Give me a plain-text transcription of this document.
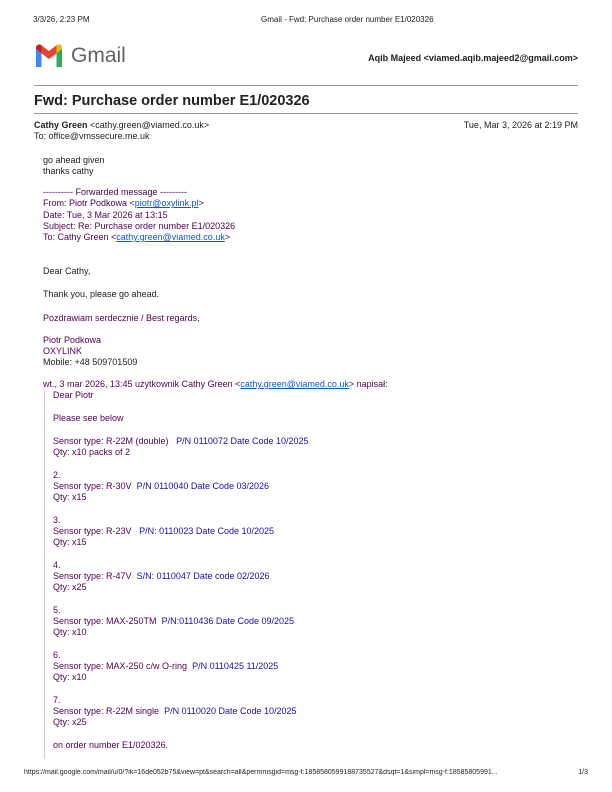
3/3/26, 2:23 PM	Gmail - Fwd: Purchase order number E1/020326
Gmail	Aqib Majeed <viamed.aqib.majeed2@gmail.com>
Fwd: Purchase order number E1/020326
Cathy Green <cathy.green@viamed.co.uk>	Tue, Mar 3, 2026 at 2:19 PM
To: office@vmssecure.me.uk
go ahead given
thanks cathy
---------- Forwarded message ---------
From: Piotr Podkowa <piotr@oxylink.pl>
Date: Tue, 3 Mar 2026 at 13:15
Subject: Re: Purchase order number E1/020326
To: Cathy Green <cathy.green@viamed.co.uk>
Dear Cathy,
Thank you, please go ahead.
Pozdrawiam serdecznie / Best regards,
Piotr Podkowa
OXYLINK
Mobile: +48 509701509
wt., 3 mar 2026, 13:45 użytkownik Cathy Green <cathy.green@viamed.co.uk> napisał:
Dear Piotr
Please see below
Sensor type: R-22M (double) P/N 0110072 Date Code 10/2025
Qty: x10 packs of 2
2.
Sensor type: R-30V P/N 0110040 Date Code 03/2026
Qty: x15
3.
Sensor type: R-23V P/N: 0110023 Date Code 10/2025
Qty: x15
4.
Sensor type: R-47V S/N: 0110047 Date code 02/2026
Qty: x25
5.
Sensor type: MAX-250TM P/N:0110436 Date Code 09/2025
Qty: x10
6.
Sensor type: MAX-250 c/w O-ring P/N 0110425 11/2025
Qty: x10
7.
Sensor type: R-22M single P/N 0110020 Date Code 10/2025
Qty: x25
on order number E1/020326.
https://mail.google.com/mail/u/0/?ik=16de052b75&view=pt&search=all&permmsgid=msg-f:1858580599188735527&dsqt=1&simpl=msg-f:18585805991...	1/3
